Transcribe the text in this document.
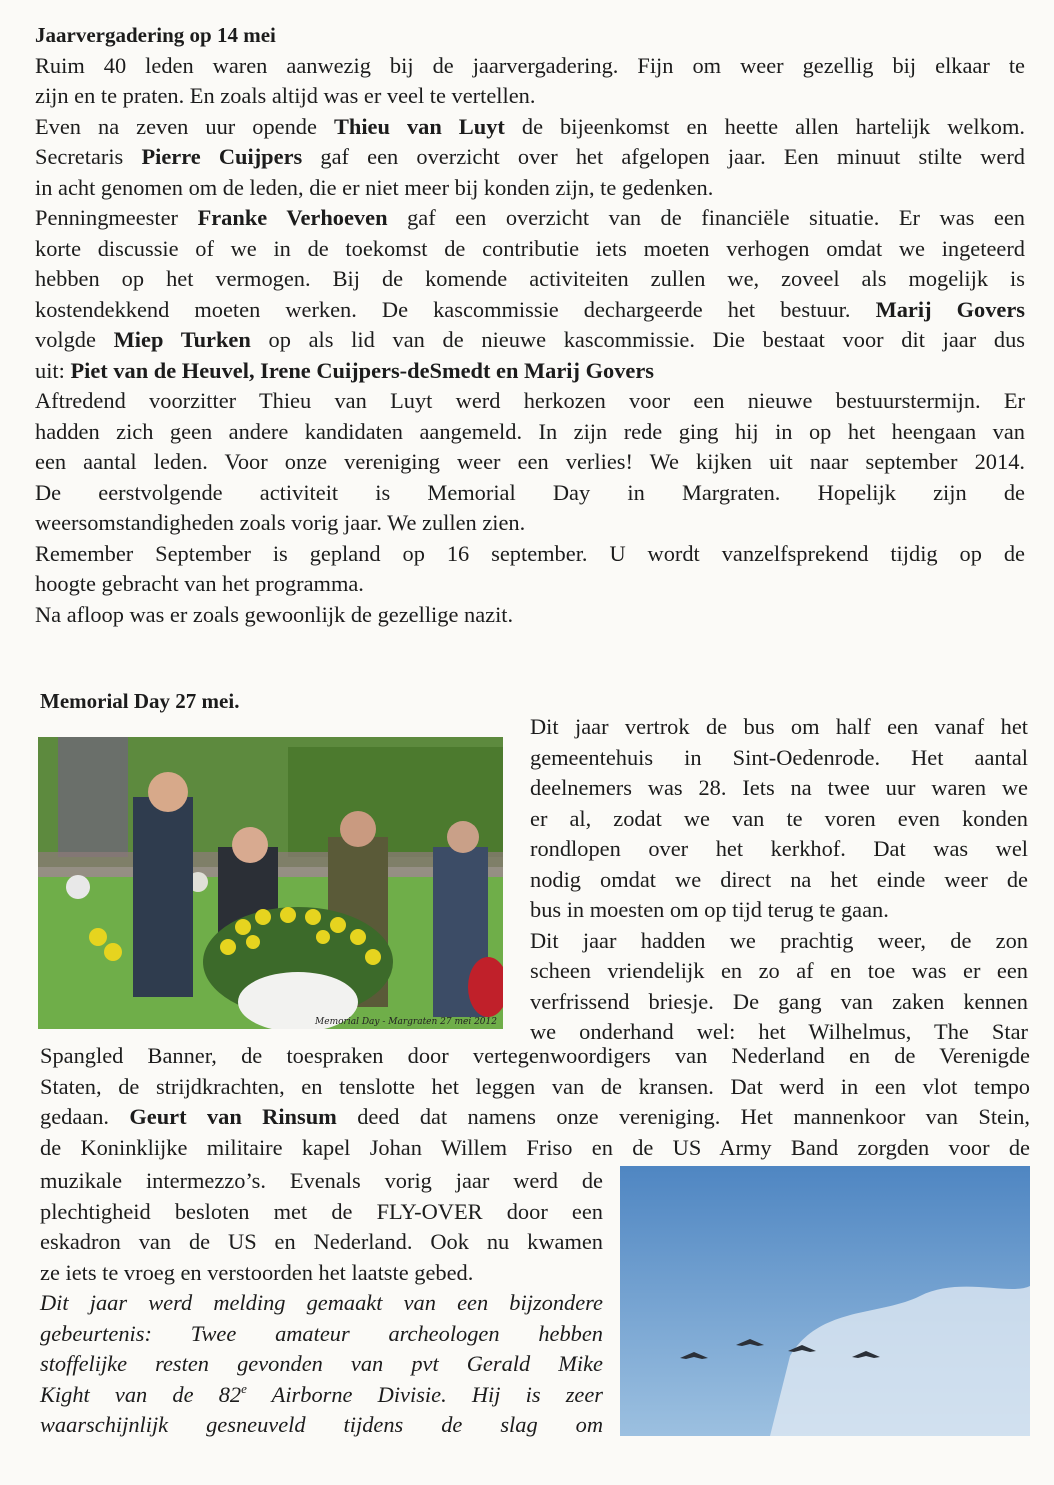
Jaarvergadering op 14 mei
Ruim 40 leden waren aanwezig bij de jaarvergadering. Fijn om weer gezellig bij elkaar te
zijn en te praten. En zoals altijd was er veel te vertellen.
Even na zeven uur opende Thieu van Luyt de bijeenkomst en heette allen hartelijk welkom.
Secretaris Pierre Cuijpers gaf een overzicht over het afgelopen jaar. Een minuut stilte werd
in acht genomen om de leden, die er niet meer bij konden zijn, te gedenken.
Penningmeester Franke Verhoeven gaf een overzicht van de financiële situatie. Er was een
korte discussie of we in de toekomst de contributie iets moeten verhogen omdat we ingeteerd
hebben op het vermogen. Bij de komende activiteiten zullen we, zoveel als mogelijk is
kostendekkend moeten werken. De kascommissie dechargeerde het bestuur. Marij Govers
volgde Miep Turken op als lid van de nieuwe kascommissie. Die bestaat voor dit jaar dus
uit: Piet van de Heuvel, Irene Cuijpers-deSmedt en Marij Govers
Aftredend voorzitter Thieu van Luyt werd herkozen voor een nieuwe bestuurstermijn. Er
hadden zich geen andere kandidaten aangemeld. In zijn rede ging hij in op het heengaan van
een aantal leden. Voor onze vereniging weer een verlies! We kijken uit naar september 2014.
De eerstvolgende activiteit is Memorial Day in Margraten. Hopelijk zijn de
weersomstandigheden zoals vorig jaar. We zullen zien.
Remember September is gepland op 16 september. U wordt vanzelfsprekend tijdig op de
hoogte gebracht van het programma.
Na afloop was er zoals gewoonlijk de gezellige nazit.
Memorial Day 27 mei.
Memorial Day - Margraten 27 mei 2012
Dit jaar vertrok de bus om half een vanaf het
gemeentehuis in Sint-Oedenrode. Het aantal
deelnemers was 28. Iets na twee uur waren we
er al, zodat we van te voren even konden
rondlopen over het kerkhof. Dat was wel
nodig omdat we direct na het einde weer de
bus in moesten om op tijd terug te gaan.
Dit jaar hadden we prachtig weer, de zon
scheen vriendelijk en zo af en toe was er een
verfrissend briesje. De gang van zaken kennen
we onderhand wel: het Wilhelmus, The Star
Spangled Banner, de toespraken door vertegenwoordigers van Nederland en de Verenigde
Staten, de strijdkrachten, en tenslotte het leggen van de kransen. Dat werd in een vlot tempo
gedaan. Geurt van Rinsum deed dat namens onze vereniging. Het mannenkoor van Stein,
de Koninklijke militaire kapel Johan Willem Friso en de US Army Band zorgden voor de
muzikale intermezzo’s. Evenals vorig jaar werd de
plechtigheid besloten met de FLY-OVER door een
eskadron van de US en Nederland. Ook nu kwamen
ze iets te vroeg en verstoorden het laatste gebed.
Dit jaar werd melding gemaakt van een bijzondere
gebeurtenis: Twee amateur archeologen hebben
stoffelijke resten gevonden van pvt Gerald Mike
Kight van de 82e Airborne Divisie. Hij is zeer
waarschijnlijk gesneuveld tijdens de slag om
